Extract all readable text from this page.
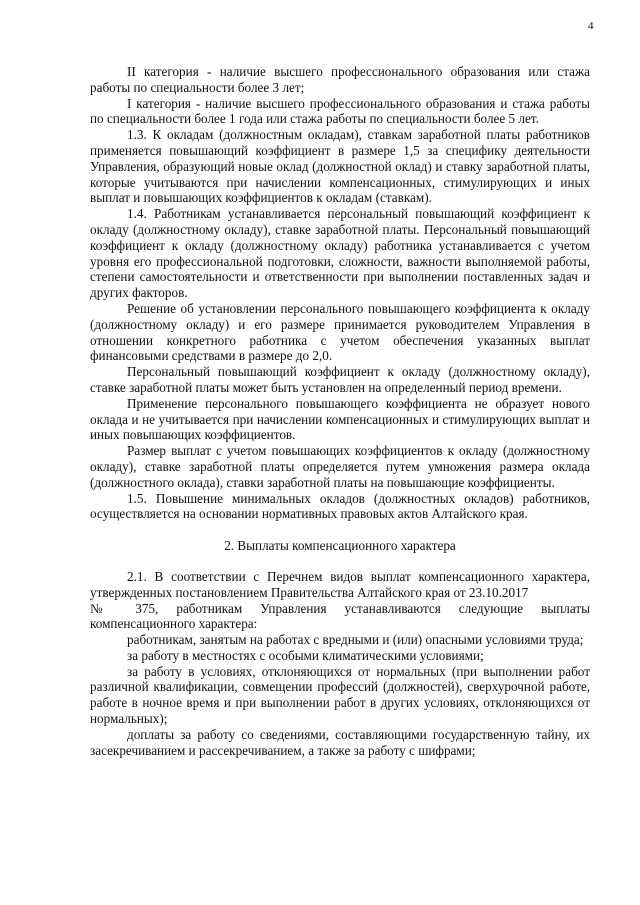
4

II категория - наличие высшего профессионального образования или стажа работы по специальности более 3 лет;

I категория - наличие высшего профессионального образования и стажа работы по специальности более 1 года или стажа работы по специальности более 5 лет.

1.3. К окладам (должностным окладам), ставкам заработной платы работников применяется повышающий коэффициент в размере 1,5 за специфику деятельности Управления, образующий новые оклад (должностной оклад) и ставку заработной платы, которые учитываются при начислении компенсационных, стимулирующих и иных выплат и повышающих коэффициентов к окладам (ставкам).

1.4. Работникам устанавливается персональный повышающий коэффициент к окладу (должностному окладу), ставке заработной платы. Персональный повышающий коэффициент к окладу (должностному окладу) работника устанавливается с учетом уровня его профессиональной подготовки, сложности, важности выполняемой работы, степени самостоятельности и ответственности при выполнении поставленных задач и других факторов.

Решение об установлении персонального повышающего коэффициента к окладу (должностному окладу) и его размере принимается руководителем Управления в отношении конкретного работника с учетом обеспечения указанных выплат финансовыми средствами в размере до 2,0.

Персональный повышающий коэффициент к окладу (должностному окладу), ставке заработной платы может быть установлен на определенный период времени.

Применение персонального повышающего коэффициента не образует нового оклада и не учитывается при начислении компенсационных и стимулирующих выплат и иных повышающих коэффициентов.

Размер выплат с учетом повышающих коэффициентов к окладу (должностному окладу), ставке заработной платы определяется путем умножения размера оклада (должностного оклада), ставки заработной платы на повышающие коэффициенты.

1.5. Повышение минимальных окладов (должностных окладов) работников, осуществляется на основании нормативных правовых актов Алтайского края.

2. Выплаты компенсационного характера

2.1. В соответствии с Перечнем видов выплат компенсационного характера, утвержденных постановлением Правительства Алтайского края от 23.10.2017

№ 375, работникам Управления устанавливаются следующие выплаты компенсационного характера:

работникам, занятым на работах с вредными и (или) опасными условиями труда;

за работу в местностях с особыми климатическими условиями;

за работу в условиях, отклоняющихся от нормальных (при выполнении работ различной квалификации, совмещении профессий (должностей), сверхурочной работе, работе в ночное время и при выполнении работ в других условиях, отклоняющихся от нормальных);

доплаты за работу со сведениями, составляющими государственную тайну, их засекречиванием и рассекречиванием, а также за работу с шифрами;
